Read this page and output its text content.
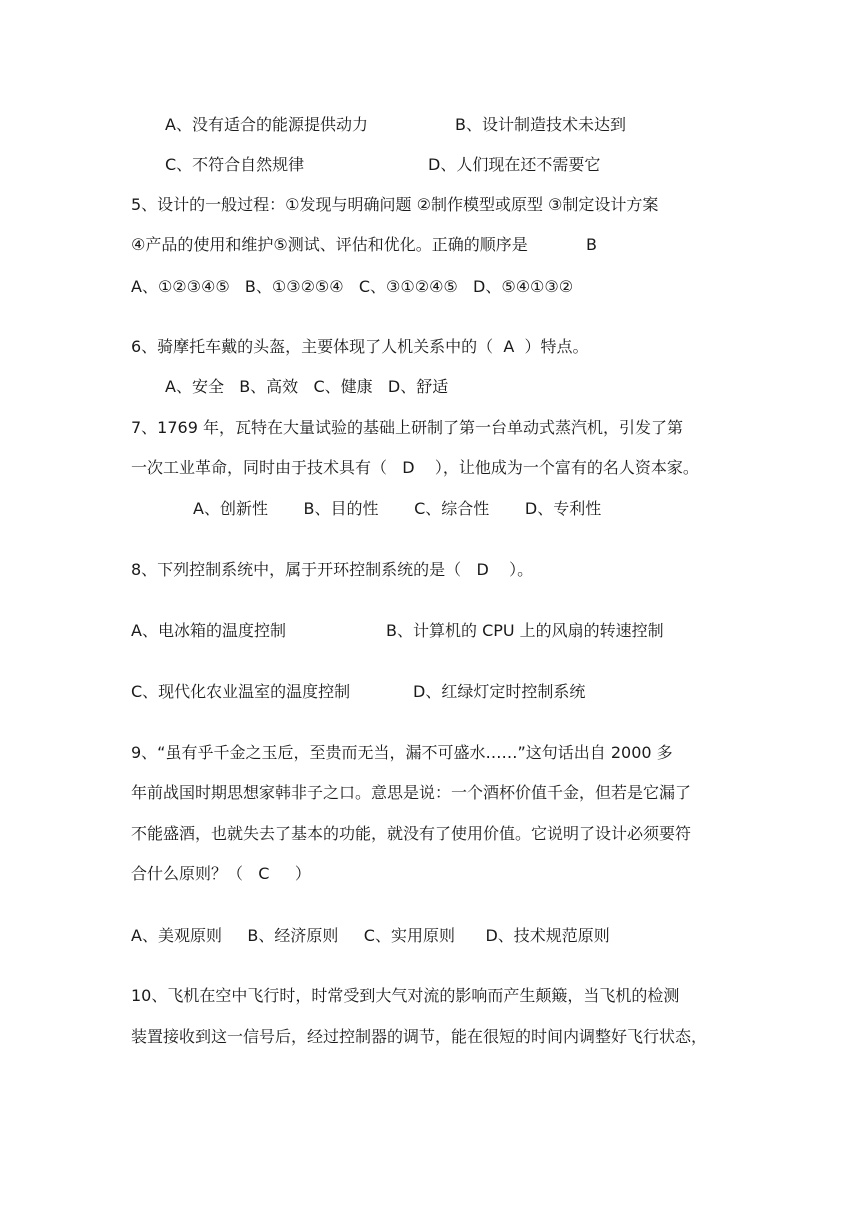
A、没有适合的能源提供动力

	B、设计制造技术未达到

C、不符合自然规律

	D、人们现在还不需要它

5、设计的一般过程：①发现与明确问题 ②制作模型或原型 ③制定设计方案

④产品的使用和维护⑤测试、评估和优化。正确的顺序是

	B

A、①②③④⑤   B、①③②⑤④   C、③①②④⑤   D、⑤④①③②
6、骑摩托车戴的头盔，主要体现了人机关系中的（  A  ）特点。
A、安全   B、高效   C、健康   D、舒适
7、1769 年，瓦特在大量试验的基础上研制了第一台单动式蒸汽机，引发了第
一次工业革命，同时由于技术具有（   D    ），让他成为一个富有的名人资本家。
A、创新性       B、目的性       C、综合性       D、专利性
8、下列控制系统中，属于开环控制系统的是（   D    ）。

A、电冰箱的温度控制

	B、计算机的 CPU 上的风扇的转速控制

C、现代化农业温室的温度控制

	D、红绿灯定时控制系统

9、“虽有乎千金之玉卮，至贵而无当，漏不可盛水……”这句话出自 2000 多
年前战国时期思想家韩非子之口。意思是说：一个酒杯价值千金，但若是它漏了
不能盛酒，也就失去了基本的功能，就没有了使用价值。它说明了设计必须要符
合什么原则？（   C     ）
A、美观原则     B、经济原则     C、实用原则      D、技术规范原则
10、飞机在空中飞行时，时常受到大气对流的影响而产生颠簸，当飞机的检测
装置接收到这一信号后，经过控制器的调节，能在很短的时间内调整好飞行状态，
